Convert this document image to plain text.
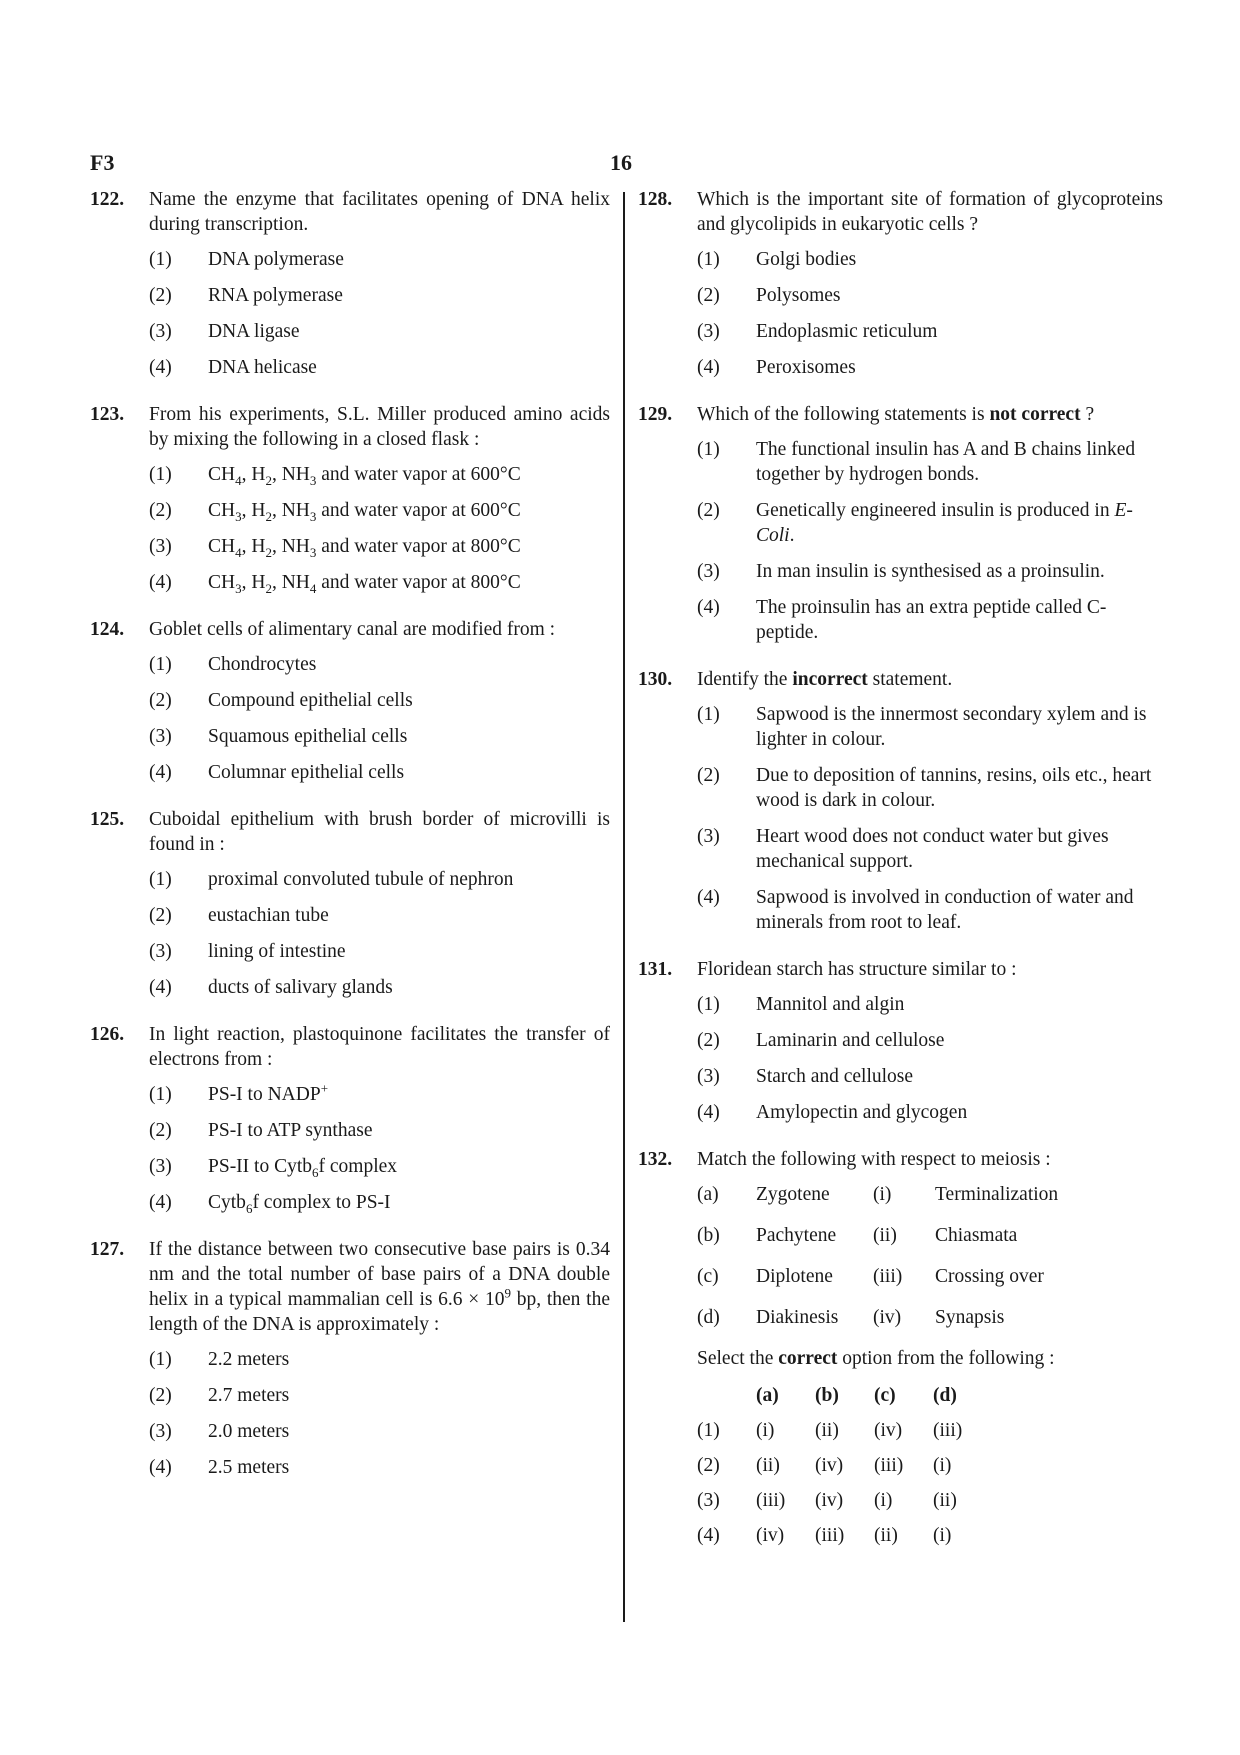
F3	16
122. Name the enzyme that facilitates opening of DNA helix during transcription.
(1) DNA polymerase
(2) RNA polymerase
(3) DNA ligase
(4) DNA helicase
123. From his experiments, S.L. Miller produced amino acids by mixing the following in a closed flask :
(1) $CH_4$, $H_2$, $NH_3$ and water vapor at 600°C
(2) $CH_3$, $H_2$, $NH_3$ and water vapor at 600°C
(3) $CH_4$, $H_2$, $NH_3$ and water vapor at 800°C
(4) $CH_3$, $H_2$, $NH_4$ and water vapor at 800°C
124. Goblet cells of alimentary canal are modified from :
(1) Chondrocytes
(2) Compound epithelial cells
(3) Squamous epithelial cells
(4) Columnar epithelial cells
125. Cuboidal epithelium with brush border of microvilli is found in :
(1) proximal convoluted tubule of nephron
(2) eustachian tube
(3) lining of intestine
(4) ducts of salivary glands
126. In light reaction, plastoquinone facilitates the transfer of electrons from :
(1) PS-I to NADP+
(2) PS-I to ATP synthase
(3) PS-II to Cytb$_6$f complex
(4) Cytb$_6$f complex to PS-I
127. If the distance between two consecutive base pairs is 0.34 nm and the total number of base pairs of a DNA double helix in a typical mammalian cell is $6.6 \times 10^9$ bp, then the length of the DNA is approximately :
(1) 2.2 meters
(2) 2.7 meters
(3) 2.0 meters
(4) 2.5 meters
128. Which is the important site of formation of glycoproteins and glycolipids in eukaryotic cells ?
(1) Golgi bodies
(2) Polysomes
(3) Endoplasmic reticulum
(4) Peroxisomes
129. Which of the following statements is not correct ?
(1) The functional insulin has A and B chains linked together by hydrogen bonds.
(2) Genetically engineered insulin is produced in E-Coli.
(3) In man insulin is synthesised as a proinsulin.
(4) The proinsulin has an extra peptide called C-peptide.
130. Identify the incorrect statement.
(1) Sapwood is the innermost secondary xylem and is lighter in colour.
(2) Due to deposition of tannins, resins, oils etc., heart wood is dark in colour.
(3) Heart wood does not conduct water but gives mechanical support.
(4) Sapwood is involved in conduction of water and minerals from root to leaf.
131. Floridean starch has structure similar to :
(1) Mannitol and algin
(2) Laminarin and cellulose
(3) Starch and cellulose
(4) Amylopectin and glycogen
132. Match the following with respect to meiosis :
(a) Zygotene (i) Terminalization
(b) Pachytene (ii) Chiasmata
(c) Diplotene (iii) Crossing over
(d) Diakinesis (iv) Synapsis
Select the correct option from the following :
(a) (b) (c) (d)
(1) (i) (ii) (iv) (iii)
(2) (ii) (iv) (iii) (i)
(3) (iii) (iv) (i) (ii)
(4) (iv) (iii) (ii) (i)
